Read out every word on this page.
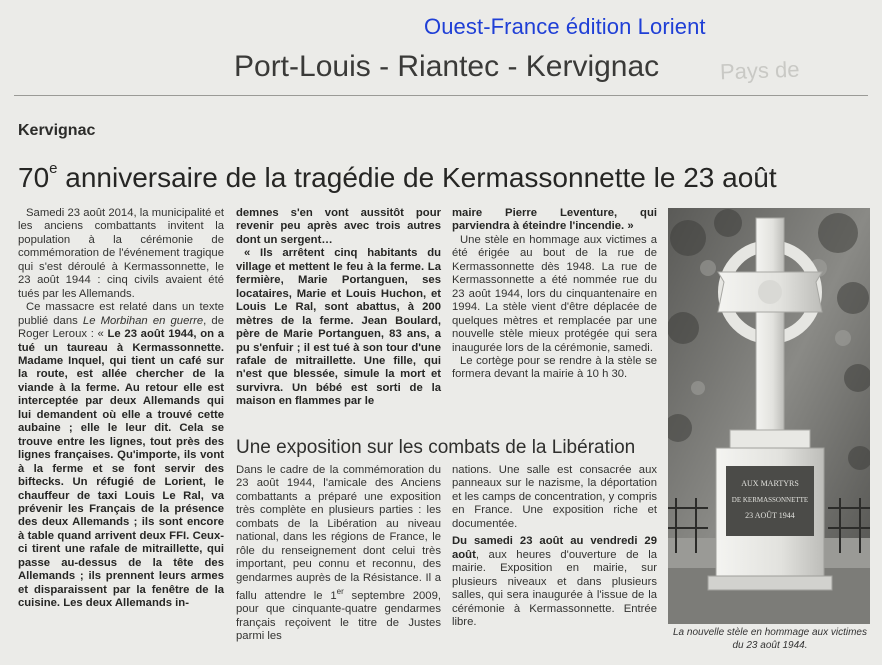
Ouest-France édition Lorient
Port-Louis - Riantec - Kervignac	Pays de
Kervignac
70e anniversaire de la tragédie de Kermassonnette le 23 août

Samedi 23 août 2014, la municipalité et les anciens combattants invitent la population à la cérémonie de commémoration de l'événement tragique qui s'est déroulé à Kermassonnette, le 23 août 1944 : cinq civils avaient été tués par les Allemands.

Ce massacre est relaté dans un texte publié dans Le Morbihan en guerre, de Roger Leroux : « Le 23 août 1944, on a tué un taureau à Kermassonnette. Madame Inquel, qui tient un café sur la route, est allée chercher de la viande à la ferme. Au retour elle est interceptée par deux Allemands qui lui demandent où elle a trouvé cette aubaine ; elle le leur dit. Cela se trouve entre les lignes, tout près des lignes françaises. Qu'importe, ils vont à la ferme et se font servir des biftecks. Un réfugié de Lorient, le chauffeur de taxi Louis Le Ral, va prévenir les Français de la présence des deux Allemands ; ils sont encore à table quand arrivent deux FFI. Ceux-ci tirent une rafale de mitraillette, qui passe au-dessus de la tête des Allemands ; ils prennent leurs armes et disparaissent par la fenêtre de la cuisine. Les deux Allemands in-

demnes s'en vont aussitôt pour revenir peu après avec trois autres dont un sergent…

« Ils arrêtent cinq habitants du village et mettent le feu à la ferme. La fermière, Marie Portanguen, ses locataires, Marie et Louis Huchon, et Louis Le Ral, sont abattus, à 200 mètres de la ferme. Jean Boulard, père de Marie Portanguen, 83 ans, a pu s'enfuir ; il est tué à son tour d'une rafale de mitraillette. Une fille, qui n'est que blessée, simule la mort et survivra. Un bébé est sorti de la maison en flammes par le

maire Pierre Leventure, qui parviendra à éteindre l'incendie. »

Une stèle en hommage aux victimes a été érigée au bout de la rue de Kermassonnette dès 1948. La rue de Kermassonnette a été nommée rue du 23 août 1944, lors du cinquantenaire en 1994. La stèle vient d'être déplacée de quelques mètres et remplacée par une nouvelle stèle mieux protégée qui sera inaugurée lors de la cérémonie, samedi.

Le cortège pour se rendre à la stèle se formera devant la mairie à 10 h 30.

Une exposition sur les combats de la Libération

Dans le cadre de la commémoration du 23 août 1944, l'amicale des Anciens combattants a préparé une exposition très complète en plusieurs parties : les combats de la Libération au niveau national, dans les régions de France, le rôle du renseignement dont celui très important, peu connu et reconnu, des gendarmes auprès de la Résistance. Il a fallu attendre le 1er septembre 2009, pour que cinquante-quatre gendarmes français reçoivent le titre de Justes parmi les

nations. Une salle est consacrée aux panneaux sur le nazisme, la déportation et les camps de concentration, y compris en France. Une exposition riche et documentée.

Du samedi 23 août au vendredi 29 août, aux heures d'ouverture de la mairie. Exposition en mairie, sur plusieurs niveaux et dans plusieurs salles, qui sera inaugurée à l'issue de la cérémonie à Kermassonnette. Entrée libre.

AUX MARTYRS
DE KERMASSONNETTE
23 AOÛT 1944
La nouvelle stèle en hommage aux victimes du 23 août 1944.
